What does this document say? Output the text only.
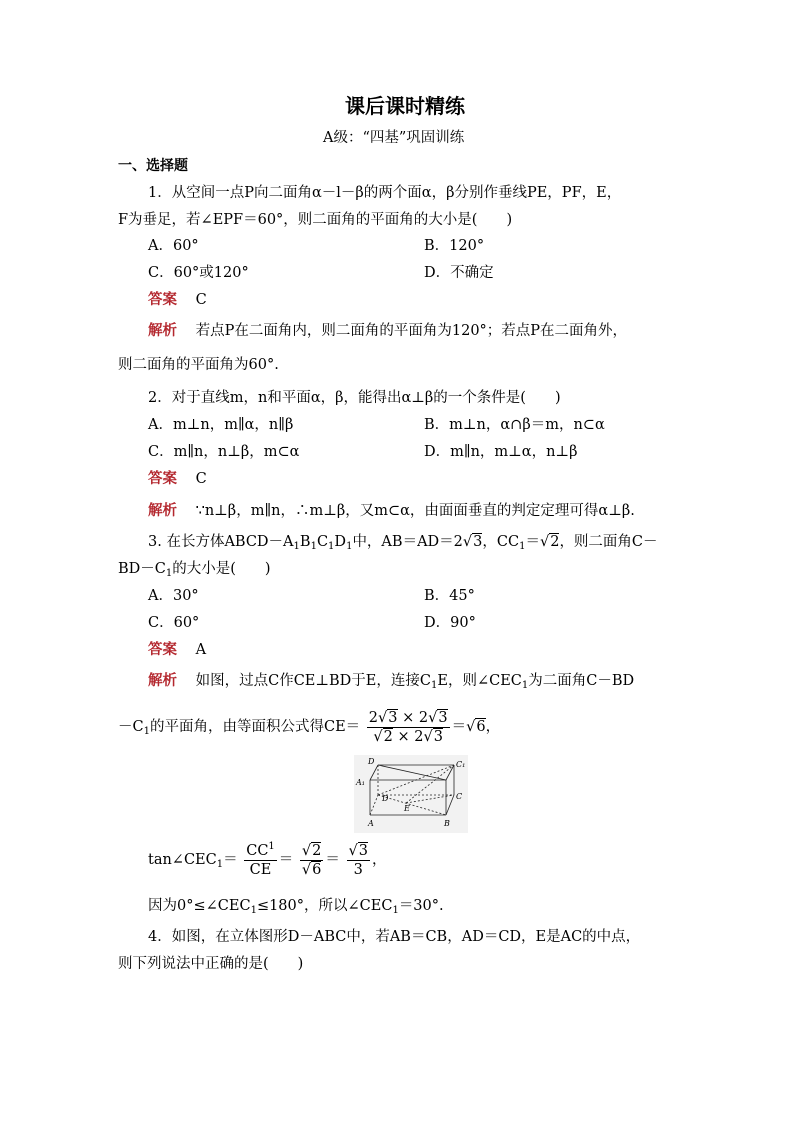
课后课时精练
A级：“四基”巩固训练
一、选择题
1．从空间一点P向二面角α－l－β的两个面α，β分别作垂线PE，PF，E，
F为垂足，若∠EPF＝60°，则二面角的平面角的大小是(　　)
A．60°	B．120°
C．60°或120°	D．不确定
答案 C
解析 若点P在二面角内，则二面角的平面角为120°；若点P在二面角外，
则二面角的平面角为60°.
2．对于直线m，n和平面α，β，能得出α⊥β的一个条件是(　　)
A．m⊥n，m∥α，n∥β	B．m⊥n，α∩β＝m，n⊂α
C．m∥n，n⊥β，m⊂α	D．m∥n，m⊥α，n⊥β
答案 C
解析 ∵n⊥β，m∥n，∴m⊥β，又m⊂α，由面面垂直的判定定理可得α⊥β.
3. 在长方体$ABCD-A_1B_1C_1D_1$中，AB＝AD＝2√3，$CC_1=√2$，则二面角C－
$BD-C_1$的大小是(　　)
A．30°	B．45°
C．60°	D．90°
答案 A
解析 如图，过点C作CE⊥BD于E，连接$C_1E$，则$\angle CEC_1$为二面角C－BD
$-C_1$的平面角，由等面积公式得$CE= \frac{2√3 \times 2√3}{√2 \times 2√3} =√6$，
D	C₁
A₁
D
E
C
A	B
$\tan\angle CEC_1= \frac{CC^1}{CE} = \frac{√2}{√6} = \frac{√3}{3}$ ，
因为$0^\circ\le\angle CEC_1\le 180^\circ$，所以$\angle CEC_1=30^\circ$.
4．如图，在立体图形D－ABC中，若AB＝CB，AD＝CD，E是AC的中点，
则下列说法中正确的是(　　)
